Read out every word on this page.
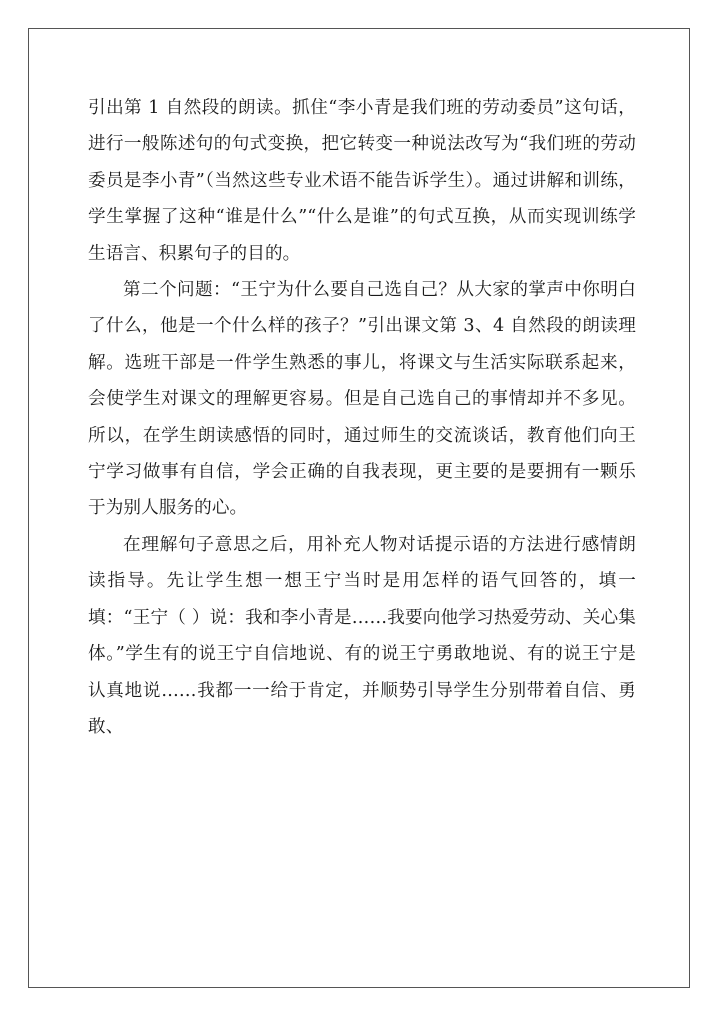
引出第 1 自然段的朗读。抓住“李小青是我们班的劳动委员”这句话，进行一般陈述句的句式变换，把它转变一种说法改写为“我们班的劳动委员是李小青”（当然这些专业术语不能告诉学生）。通过讲解和训练，学生掌握了这种“谁是什么”“什么是谁”的句式互换，从而实现训练学生语言、积累句子的目的。

第二个问题：“王宁为什么要自己选自己？从大家的掌声中你明白了什么，他是一个什么样的孩子？”引出课文第 3、4 自然段的朗读理解。选班干部是一件学生熟悉的事儿，将课文与生活实际联系起来，会使学生对课文的理解更容易。但是自己选自己的事情却并不多见。所以，在学生朗读感悟的同时，通过师生的交流谈话，教育他们向王宁学习做事有自信，学会正确的自我表现，更主要的是要拥有一颗乐于为别人服务的心。

在理解句子意思之后，用补充人物对话提示语的方法进行感情朗读指导。先让学生想一想王宁当时是用怎样的语气回答的，填一填：“王宁（ ）说：我和李小青是……我要向他学习热爱劳动、关心集体。”学生有的说王宁自信地说、有的说王宁勇敢地说、有的说王宁是认真地说……我都一一给于肯定，并顺势引导学生分别带着自信、勇敢、
